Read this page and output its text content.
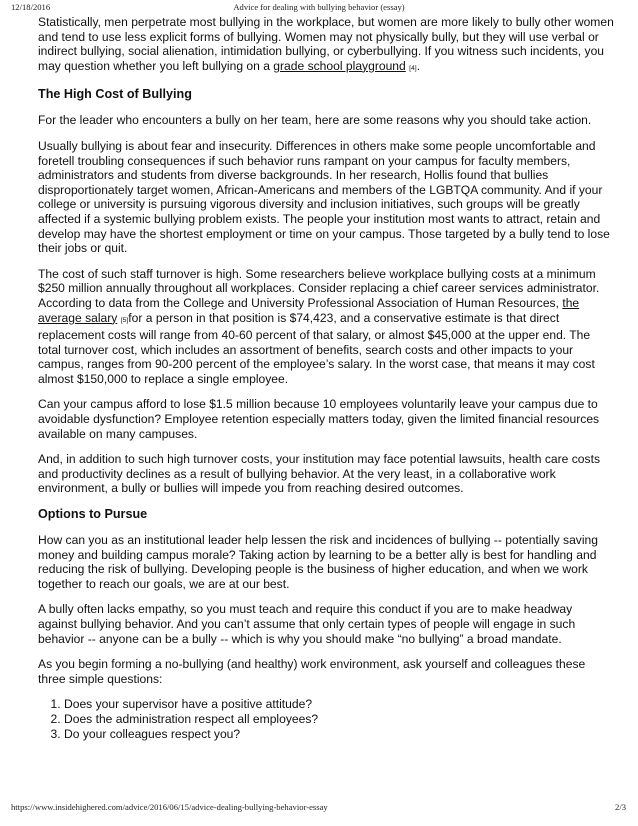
12/18/2016	Advice for dealing with bullying behavior (essay)

Statistically, men perpetrate most bullying in the workplace, but women are more likely to bully other women and tend to use less explicit forms of bullying. Women may not physically bully, but they will use verbal or indirect bullying, social alienation, intimidation bullying, or cyberbullying. If you witness such incidents, you may question whether you left bullying on a grade school playground [4].

The High Cost of Bullying

For the leader who encounters a bully on her team, here are some reasons why you should take action.

Usually bullying is about fear and insecurity. Differences in others make some people uncomfortable and foretell troubling consequences if such behavior runs rampant on your campus for faculty members, administrators and students from diverse backgrounds. In her research, Hollis found that bullies disproportionately target women, African-Americans and members of the LGBTQA community. And if your college or university is pursuing vigorous diversity and inclusion initiatives, such groups will be greatly affected if a systemic bullying problem exists. The people your institution most wants to attract, retain and develop may have the shortest employment or time on your campus. Those targeted by a bully tend to lose their jobs or quit.

The cost of such staff turnover is high. Some researchers believe workplace bullying costs at a minimum $250 million annually throughout all workplaces. Consider replacing a chief career services administrator. According to data from the College and University Professional Association of Human Resources, the average salary [5]for a person in that position is $74,423, and a conservative estimate is that direct replacement costs will range from 40-60 percent of that salary, or almost $45,000 at the upper end. The total turnover cost, which includes an assortment of benefits, search costs and other impacts to your campus, ranges from 90-200 percent of the employee’s salary. In the worst case, that means it may cost almost $150,000 to replace a single employee.

Can your campus afford to lose $1.5 million because 10 employees voluntarily leave your campus due to avoidable dysfunction? Employee retention especially matters today, given the limited financial resources available on many campuses.

And, in addition to such high turnover costs, your institution may face potential lawsuits, health care costs and productivity declines as a result of bullying behavior. At the very least, in a collaborative work environment, a bully or bullies will impede you from reaching desired outcomes.

Options to Pursue

How can you as an institutional leader help lessen the risk and incidences of bullying -- potentially saving money and building campus morale? Taking action by learning to be a better ally is best for handling and reducing the risk of bullying. Developing people is the business of higher education, and when we work together to reach our goals, we are at our best.

A bully often lacks empathy, so you must teach and require this conduct if you are to make headway against bullying behavior. And you can’t assume that only certain types of people will engage in such behavior -- anyone can be a bully -- which is why you should make “no bullying” a broad mandate.

As you begin forming a no-bullying (and healthy) work environment, ask yourself and colleagues these three simple questions:

1. Does your supervisor have a positive attitude?
2. Does the administration respect all employees?
3. Do your colleagues respect you?
https://www.insidehighered.com/advice/2016/06/15/advice-dealing-bullying-behavior-essay	2/3
